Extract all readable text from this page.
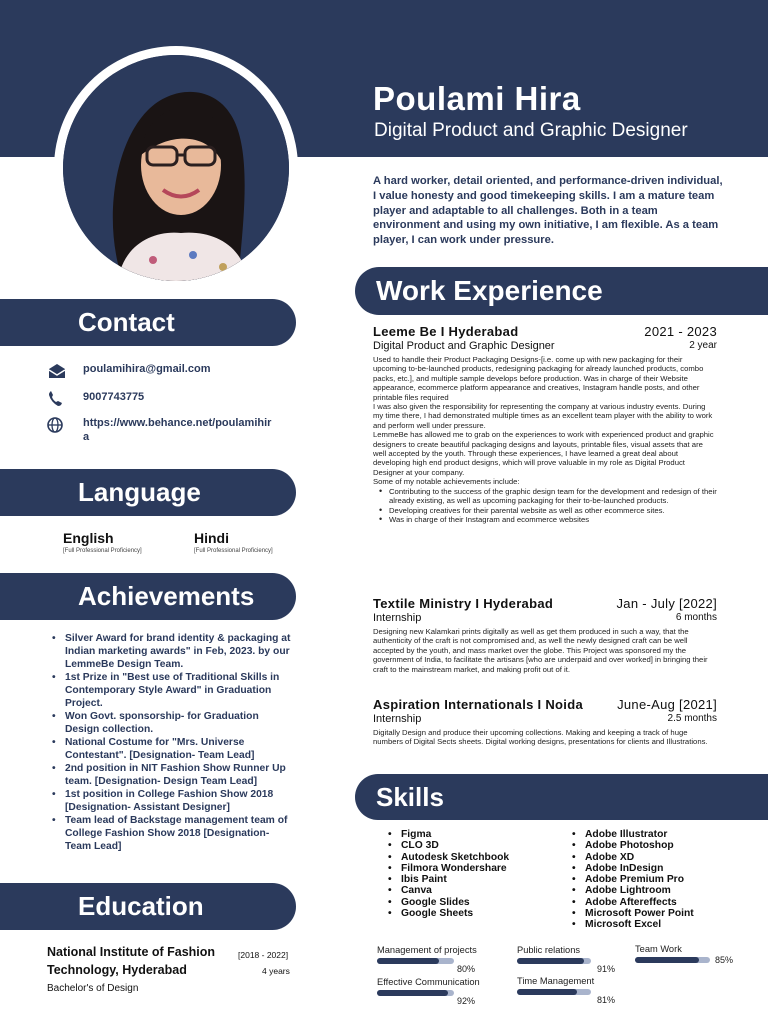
Poulami Hira
Digital Product and Graphic Designer
A hard worker, detail oriented, and performance-driven individual, I value honesty and good timekeeping skills. I am a mature team player and adaptable to all challenges. Both in a team environment and using my own initiative, I am flexible. As a team player, I can work under pressure.
Contact
Language
Achievements
Education
poulamihira@gmail.com
9007743775
https://www.behance.net/poulamihira
English
[Full Professional Proficiency]
Hindi
[Full Professional Proficiency]
• Silver Award for brand identity & packaging at Indian marketing awards" in Feb, 2023. by our LemmeBe Design Team.
• 1st Prize in "Best use of Traditional Skills in Contemporary Style Award" in Graduation Project.
• Won Govt. sponsorship- for Graduation Design collection.
• National Costume for "Mrs. Universe Contestant". [Designation- Team Lead]
• 2nd position in NIT Fashion Show Runner Up team. [Designation- Design Team Lead]
• 1st position in College Fashion Show 2018 [Designation- Assistant Designer]
• Team lead of Backstage management team of College Fashion Show 2018 [Designation- Team Lead]
National Institute of Fashion Technology, Hyderabad
[2018 - 2022]
4 years
Bachelor's of Design
Work Experience
Skills
Leeme Be I Hyderabad	2021 - 2023
Digital Product and Graphic Designer	2 year

Used to handle their Product Packaging Designs-[i.e. come up with new packaging for their upcoming to-be-launched products, redesigning packaging for already launched products, combo packs, etc.], and multiple sample develops before production. Was in charge of their Website appearance, ecommerce platform appearance and creatives, Instagram handle posts, and other printable files required

I was also given the responsibility for representing the company at various industry events. During my time there, I had demonstrated multiple times as an excellent team player with the ability to work and perform well under pressure.

LemmeBe has allowed me to grab on the experiences to work with experienced product and graphic designers to create beautiful packaging designs and layouts, printable files, visual assets that are well accepted by the youth. Through these experiences, I have learned a great deal about developing high end product designs, which will prove valuable in my role as Digital Product Designer at your company.

Some of my notable achievements include:

• Contributing to the success of the graphic design team for the development and redesign of their already existing, as well as upcoming packaging for their to-be-launched products.
• Developing creatives for their parental website as well as other ecommerce sites.
• Was in charge of their Instagram and ecommerce websites
Textile Ministry I Hyderabad	Jan - July [2022]
Internship	6 months

Designing new Kalamkari prints digitally as well as get them produced in such a way, that the authenticity of the craft is not compromised and, as well the newly designed craft can be well accepted by the youth, and mass market over the globe. This Project was sponsored my the government of India, to facilitate the artisans [who are underpaid and over worked] in bringing their craft to the mainstream market, and making profit out of it.

Aspiration Internationals I Noida	June-Aug [2021]
Internship	2.5 months

Digitally Design and produce their upcoming collections. Making and keeping a track of huge numbers of Digital Sects sheets. Digital working designs, presentations for clients and Illustrations.

• Figma
• CLO 3D
• Autodesk Sketchbook
• Filmora Wondershare
• Ibis Paint
• Canva
• Google Slides
• Google Sheets
• Adobe Illustrator
• Adobe Photoshop
• Adobe XD
• Adobe InDesign
• Adobe Premium Pro
• Adobe Lightroom
• Adobe Aftereffects
• Microsoft Power Point
• Microsoft Excel
Management of projects
80%
Public relations
91%
Team Work
85%
Effective Communication
92%
Time Management
81%
